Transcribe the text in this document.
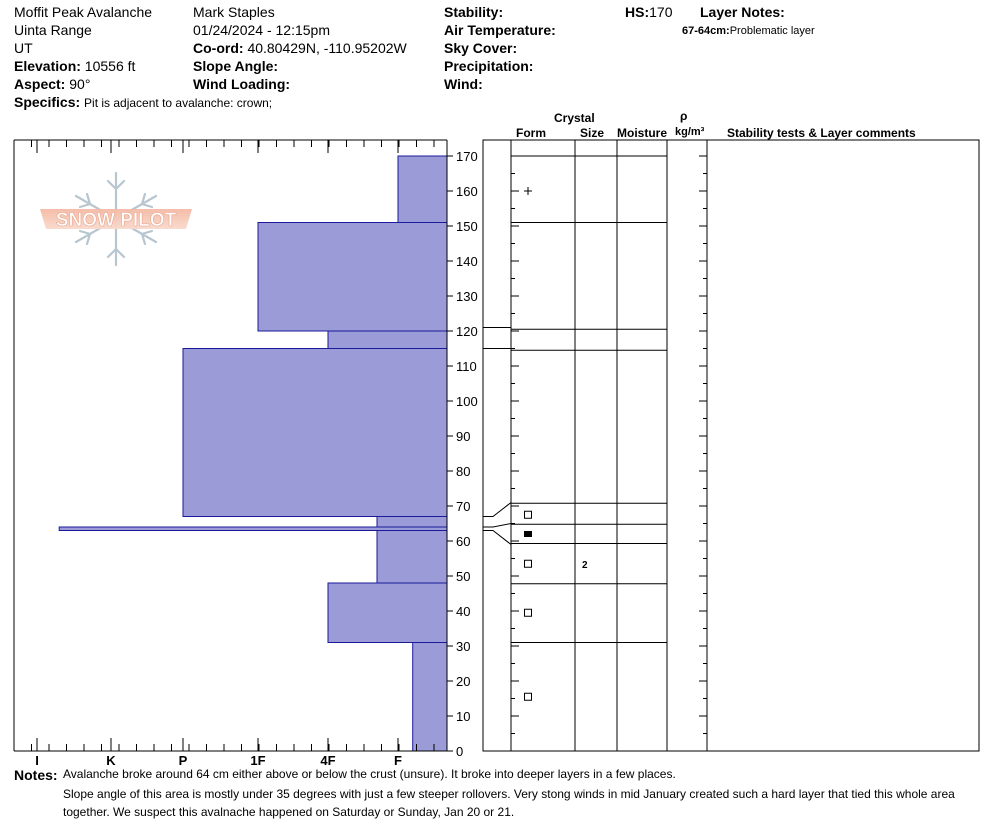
Moffit Peak Avalanche
Uinta Range
UT
Elevation: 10556 ft
Aspect: 90°
Specifics: Pit is adjacent to avalanche: crown;
Mark Staples
01/24/2024 - 12:15pm
Co-ord: 40.80429N, -110.95202W
Slope Angle:
Wind Loading:
Stability:
Air Temperature:
Sky Cover:
Precipitation:
Wind:
HS:170 Layer Notes:
67-64cm:Problematic layer
Crystal
Form	Size Moisture
ρ
kg/m³ Stability tests & Layer comments
SNOW PILOT
I	K	P	1F	4F	F
0
10
20
30
40
50
60
70
80
90
100
110
120
130
140
150
160
170
2
Notes: Avalanche broke around 64 cm either above or below the crust (unsure). It broke into deeper layers in a few places.
Slope angle of this area is mostly under 35 degrees with just a few steeper rollovers. Very stong winds in mid January created such a hard layer that tied this whole area
together. We suspect this avalnache happened on Saturday or Sunday, Jan 20 or 21.
